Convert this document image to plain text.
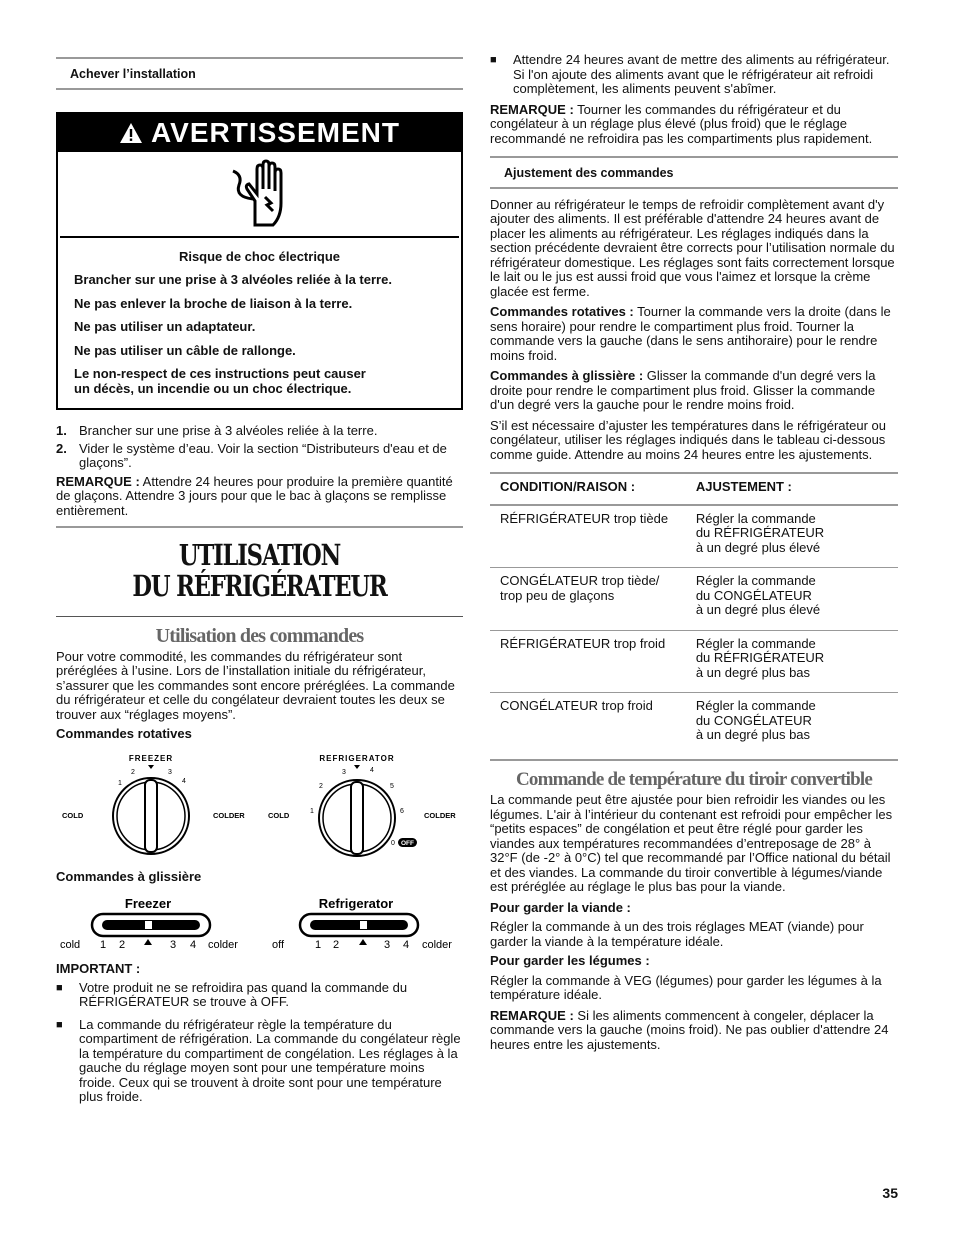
Achever l’installation
AVERTISSEMENT

Risque de choc électrique

Brancher sur une prise à 3 alvéoles reliée à la terre.

Ne pas enlever la broche de liaison à la terre.

Ne pas utiliser un adaptateur.

Ne pas utiliser un câble de rallonge.

Le non-respect de ces instructions peut causer

un décès, un incendie ou un choc électrique.

1. Brancher sur une prise à 3 alvéoles reliée à la terre.
2. Vider le système d’eau. Voir la section “Distributeurs d'eau et de glaçons”.

REMARQUE : Attendre 24 heures pour produire la première quantité de glaçons. Attendre 3 jours pour que le bac à glaçons se remplisse entièrement.

UTILISATION
DU RÉFRIGÉRATEUR
Utilisation des commandes

Pour votre commodité, les commandes du réfrigérateur sont préréglées à l’usine. Lors de l’installation initiale du réfrigérateur, s’assurer que les commandes sont encore préréglées. La commande du réfrigérateur et celle du congélateur devraient toutes les deux se trouver aux “réglages moyens”.

Commandes rotatives

FREEZER
1
2	3
4
COLD	COLDER
REFRIGERATOR
1
2
3	4
5
6
0 OFF
COLD	COLDER

Commandes à glissière

Freezer
cold 1 2	3 4 colder
Refrigerator
off	1 2	3 4 colder

IMPORTANT :

■	Votre produit ne se refroidira pas quand la commande du RÉFRIGÉRATEUR se trouve à OFF.
■	La commande du réfrigérateur règle la température du compartiment de réfrigération. La commande du congélateur règle la température du compartiment de congélation. Les réglages à la gauche du réglage moyen sont pour une température moins froide. Ceux qui se trouvent à droite sont pour une température plus froide.
■	Attendre 24 heures avant de mettre des aliments au réfrigérateur. Si l'on ajoute des aliments avant que le réfrigérateur ait refroidi complètement, les aliments peuvent s'abîmer.

REMARQUE : Tourner les commandes du réfrigérateur et du congélateur à un réglage plus élevé (plus froid) que le réglage recommandé ne refroidira pas les compartiments plus rapidement.

Ajustement des commandes

Donner au réfrigérateur le temps de refroidir complètement avant d'y ajouter des aliments. Il est préférable d'attendre 24 heures avant de placer les aliments au réfrigérateur. Les réglages indiqués dans la section précédente devraient être corrects pour l’utilisation normale du réfrigérateur domestique. Les réglages sont faits correctement lorsque le lait ou le jus est aussi froid que vous l'aimez et lorsque la crème glacée est ferme.

Commandes rotatives : Tourner la commande vers la droite (dans le sens horaire) pour rendre le compartiment plus froid. Tourner la commande vers la gauche (dans le sens antihoraire) pour le rendre moins froid.

Commandes à glissière : Glisser la commande d'un degré vers la droite pour rendre le compartiment plus froid. Glisser la commande d'un degré vers la gauche pour le rendre moins froid.

S’il est nécessaire d’ajuster les températures dans le réfrigérateur ou congélateur, utiliser les réglages indiqués dans le tableau ci-dessous comme guide. Attendre au moins 24 heures entre les ajustements.

CONDITION/RAISON :	AJUSTEMENT :
RÉFRIGÉRATEUR trop tiède	Régler la commande
du RÉFRIGÉRATEUR
à un degré plus élevé

CONGÉLATEUR trop tiède/ trop peu de glaçons	Régler la commande
du CONGÉLATEUR
à un degré plus élevé

RÉFRIGÉRATEUR trop froid	Régler la commande
du RÉFRIGÉRATEUR
à un degré plus bas

CONGÉLATEUR trop froid	Régler la commande
du CONGÉLATEUR
à un degré plus bas
Commande de température du tiroir convertible

La commande peut être ajustée pour bien refroidir les viandes ou les légumes. L'air à l’intérieur du contenant est refroidi pour empêcher les “petits espaces” de congélation et peut être réglé pour garder les viandes aux températures recommandées d’entreposage de 28° à 32°F (de -2° à 0°C) tel que recommandé par l’Office national du bétail et des viandes. La commande du tiroir convertible à légumes/viande est préréglée au réglage le plus bas pour la viande.

Pour garder la viande :

Régler la commande à un des trois réglages MEAT (viande) pour garder la viande à la température idéale.

Pour garder les légumes :

Régler la commande à VEG (légumes) pour garder les légumes à la température idéale.

REMARQUE : Si les aliments commencent à congeler, déplacer la commande vers la gauche (moins froid). Ne pas oublier d'attendre 24 heures entre les ajustements.

35
